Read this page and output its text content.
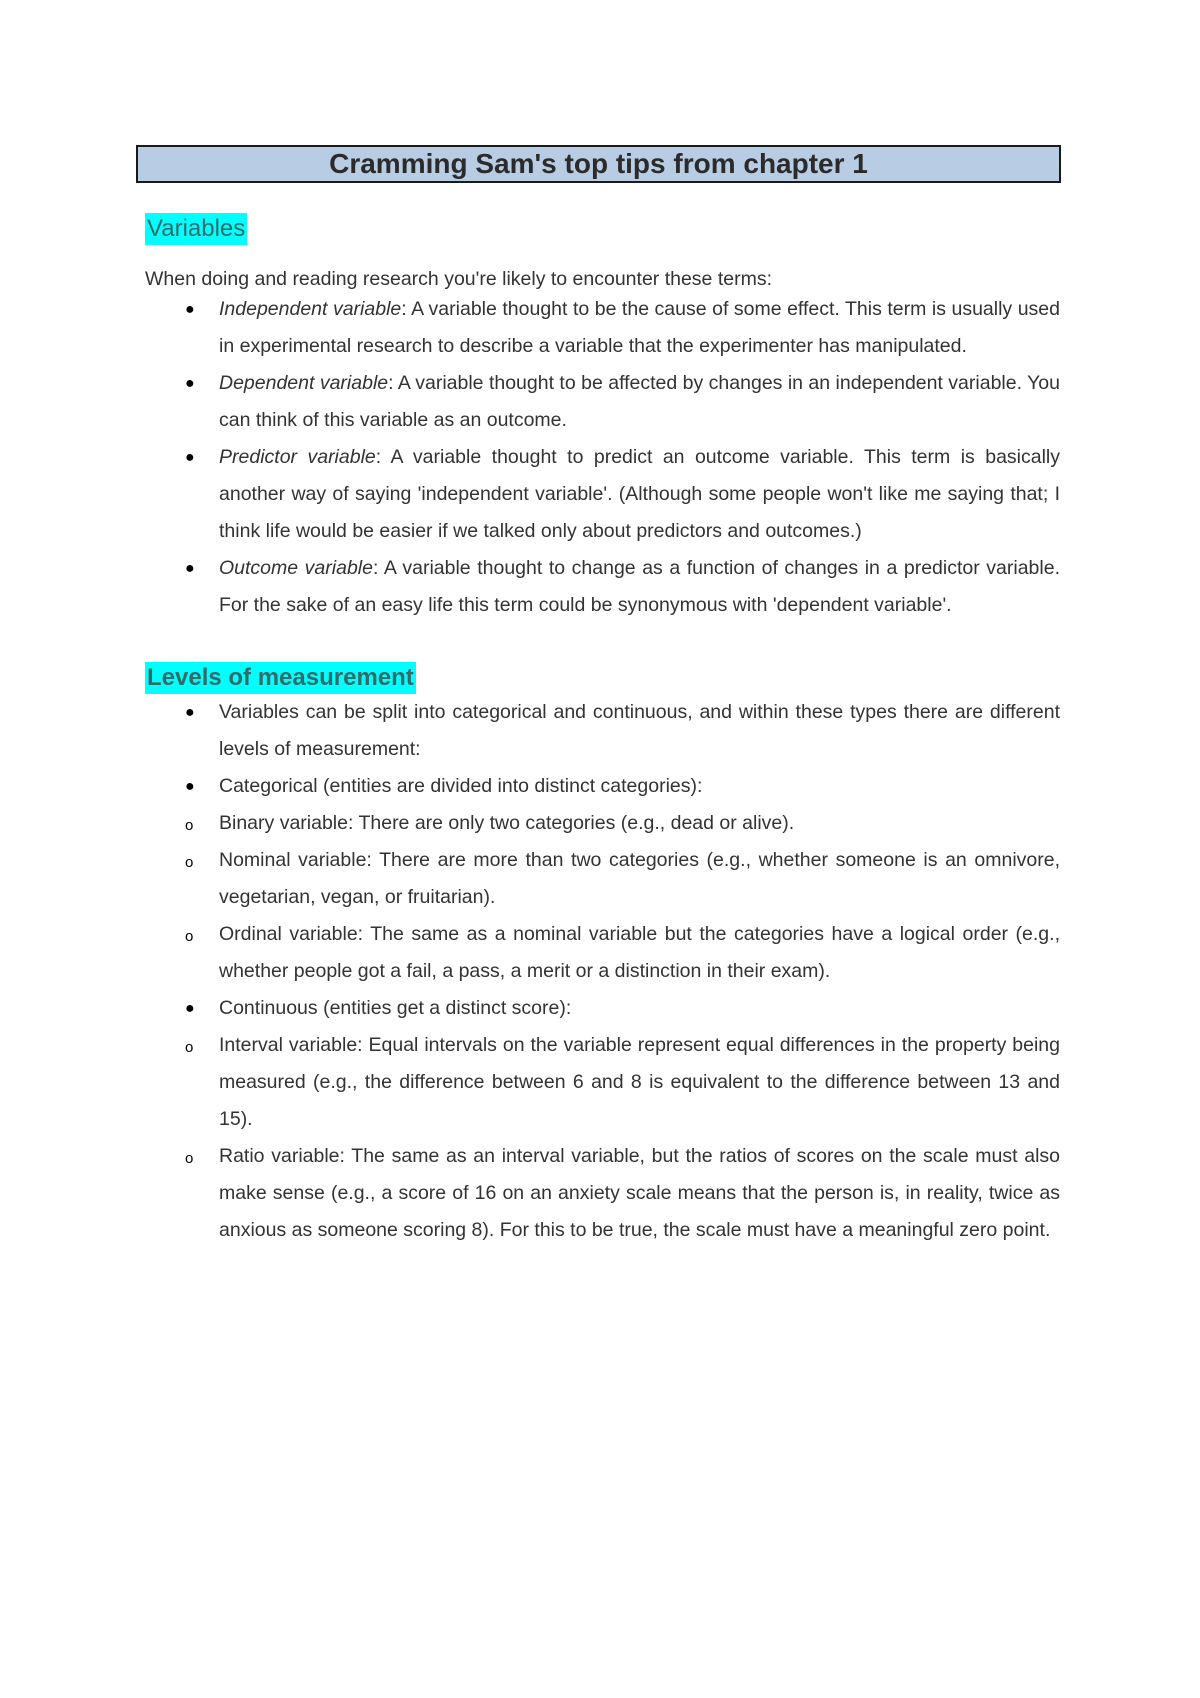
Cramming Sam's top tips from chapter 1
Variables

When doing and reading research you're likely to encounter these terms:

● Independent variable: A variable thought to be the cause of some effect. This term is usually used in experimental research to describe a variable that the experimenter has manipulated.
● Dependent variable: A variable thought to be affected by changes in an independent variable. You can think of this variable as an outcome.
● Predictor variable: A variable thought to predict an outcome variable. This term is basically another way of saying 'independent variable'. (Although some people won't like me saying that; I think life would be easier if we talked only about predictors and outcomes.)
● Outcome variable: A variable thought to change as a function of changes in a predictor variable. For the sake of an easy life this term could be synonymous with 'dependent variable'.
Levels of measurement
● Variables can be split into categorical and continuous, and within these types there are different levels of measurement:
● Categorical (entities are divided into distinct categories):
o Binary variable: There are only two categories (e.g., dead or alive).
o Nominal variable: There are more than two categories (e.g., whether someone is an omnivore, vegetarian, vegan, or fruitarian).
o Ordinal variable: The same as a nominal variable but the categories have a logical order (e.g., whether people got a fail, a pass, a merit or a distinction in their exam).
● Continuous (entities get a distinct score):
o Interval variable: Equal intervals on the variable represent equal differences in the property being measured (e.g., the difference between 6 and 8 is equivalent to the difference between 13 and 15).
o Ratio variable: The same as an interval variable, but the ratios of scores on the scale must also make sense (e.g., a score of 16 on an anxiety scale means that the person is, in reality, twice as anxious as someone scoring 8). For this to be true, the scale must have a meaningful zero point.
